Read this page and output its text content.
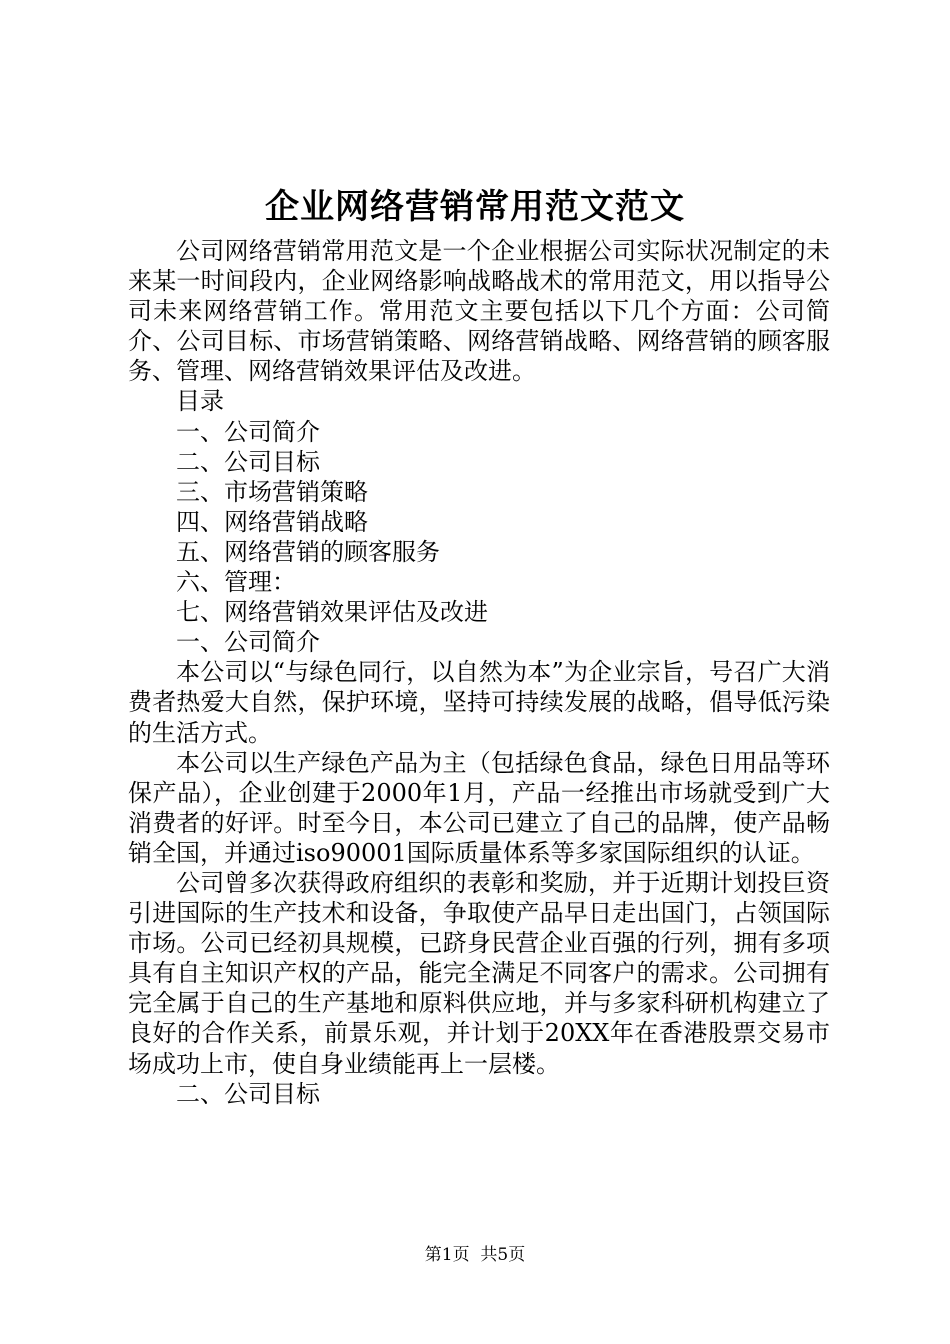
企业网络营销常用范文范文

公司网络营销常用范文是一个企业根据公司实际状况制定的未来某一时间段内，企业网络影响战略战术的常用范文，用以指导公司未来网络营销工作。常用范文主要包括以下几个方面：公司简介、公司目标、市场营销策略、网络营销战略、网络营销的顾客服务、管理、网络营销效果评估及改进。

目录

一、公司简介

二、公司目标

三、市场营销策略

四、网络营销战略

五、网络营销的顾客服务

六、管理：

七、网络营销效果评估及改进

一、公司简介

本公司以“与绿色同行，以自然为本”为企业宗旨，号召广大消费者热爱大自然，保护环境，坚持可持续发展的战略，倡导低污染的生活方式。

本公司以生产绿色产品为主（包括绿色食品，绿色日用品等环保产品），企业创建于2000年1月，产品一经推出市场就受到广大消费者的好评。时至今日，本公司已建立了自己的品牌，使产品畅销全国，并通过iso90001国际质量体系等多家国际组织的认证。

公司曾多次获得政府组织的表彰和奖励，并于近期计划投巨资引进国际的生产技术和设备，争取使产品早日走出国门，占领国际市场。公司已经初具规模，已跻身民营企业百强的行列，拥有多项具有自主知识产权的产品，能完全满足不同客户的需求。公司拥有完全属于自己的生产基地和原料供应地，并与多家科研机构建立了良好的合作关系，前景乐观，并计划于20XX年在香港股票交易市场成功上市，使自身业绩能再上一层楼。

二、公司目标

第1页 共5页
